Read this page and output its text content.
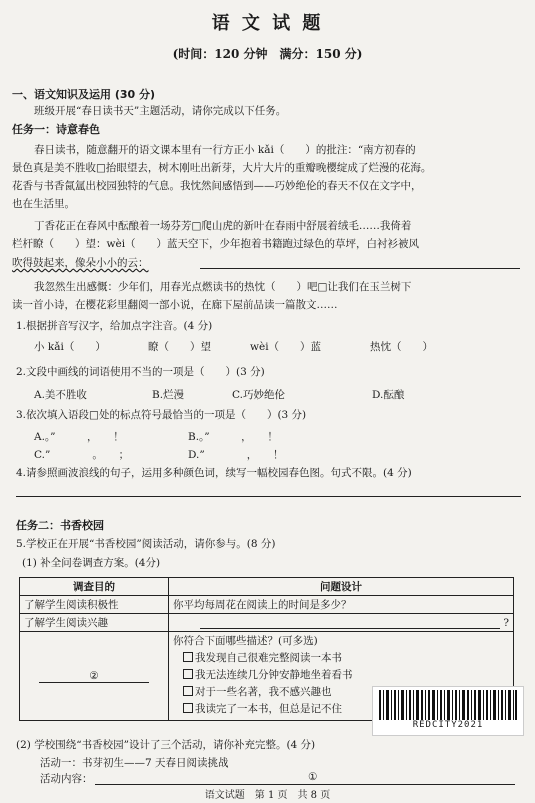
语 文 试 题
(时间：120 分钟　满分：150 分)
一、语文知识及运用 (30 分)
班级开展“春日读书天”主题活动，请你完成以下任务。
任务一：诗意春色
春日读书，随意翻开的语文课本里有一行方正小 kǎi（　　）的批注：“南方初春的
景色真是美不胜收□抬眼望去，树木刚吐出新芽，大片大片的重瓣晚樱绽成了烂漫的花海。
花香与书香氤氲出校园独特的气息。我忱然间感悟到——巧妙绝伦的春天不仅在文字中，
也在生活里。
丁香花正在春风中酝酿着一场芬芳□爬山虎的新叶在春雨中舒展着绒毛……我倚着
栏杆瞭（　　）望：wèi（　　）蓝天空下，少年抱着书籍跑过绿色的草坪，白衬衫被风
吹得鼓起来，像朵小小的云：
我忽然生出感慨：少年们，用春光点燃读书的热忱（　　）吧□让我们在玉兰树下
读一首小诗，在樱花彩里翻阅一部小说，在廊下屋前品读一篇散文……
1.根据拼音写汉字，给加点字注音。(4 分)
小 kǎi（　　）	瞭（　　）望	wèi（　　）蓝	热忱（　　）
2.文段中画线的词语使用不当的一项是（　　）(3 分)
A.美不胜收	B.烂漫	C.巧妙绝伦	D.酝酿
3.依次填入语段□处的标点符号最恰当的一项是（　　）(3 分)
A.。”　　　，　　！	B.。”　　　，　　！
C.”　　　　。　　；	D.”　　　　，　　！
4.请参照画波浪线的句子，运用多种颜色词，续写一幅校园春色图。句式不限。(4 分)
任务二：书香校园
5.学校正在开展“书香校园”阅读活动，请你参与。(8 分)
(1) 补全问卷调查方案。(4分)
调查目的	问题设计
了解学生阅读积极性	你平均每周花在阅读上的时间是多少？
了解学生阅读兴趣	?
②	你符合下面哪些描述？(可多选)
我发现自己很难完整阅读一本书
我无法连续几分钟安静地坐着看书
对于一些名著，我不感兴趣也
我读完了一本书，但总是记不住
REDCITY2021
(2) 学校围绕“书香校园”设计了三个活动，请你补充完整。(4 分)
活动一：书芽初生——7 天春日阅读挑战
活动内容：	①
语文试题　第 1 页　共 8 页
